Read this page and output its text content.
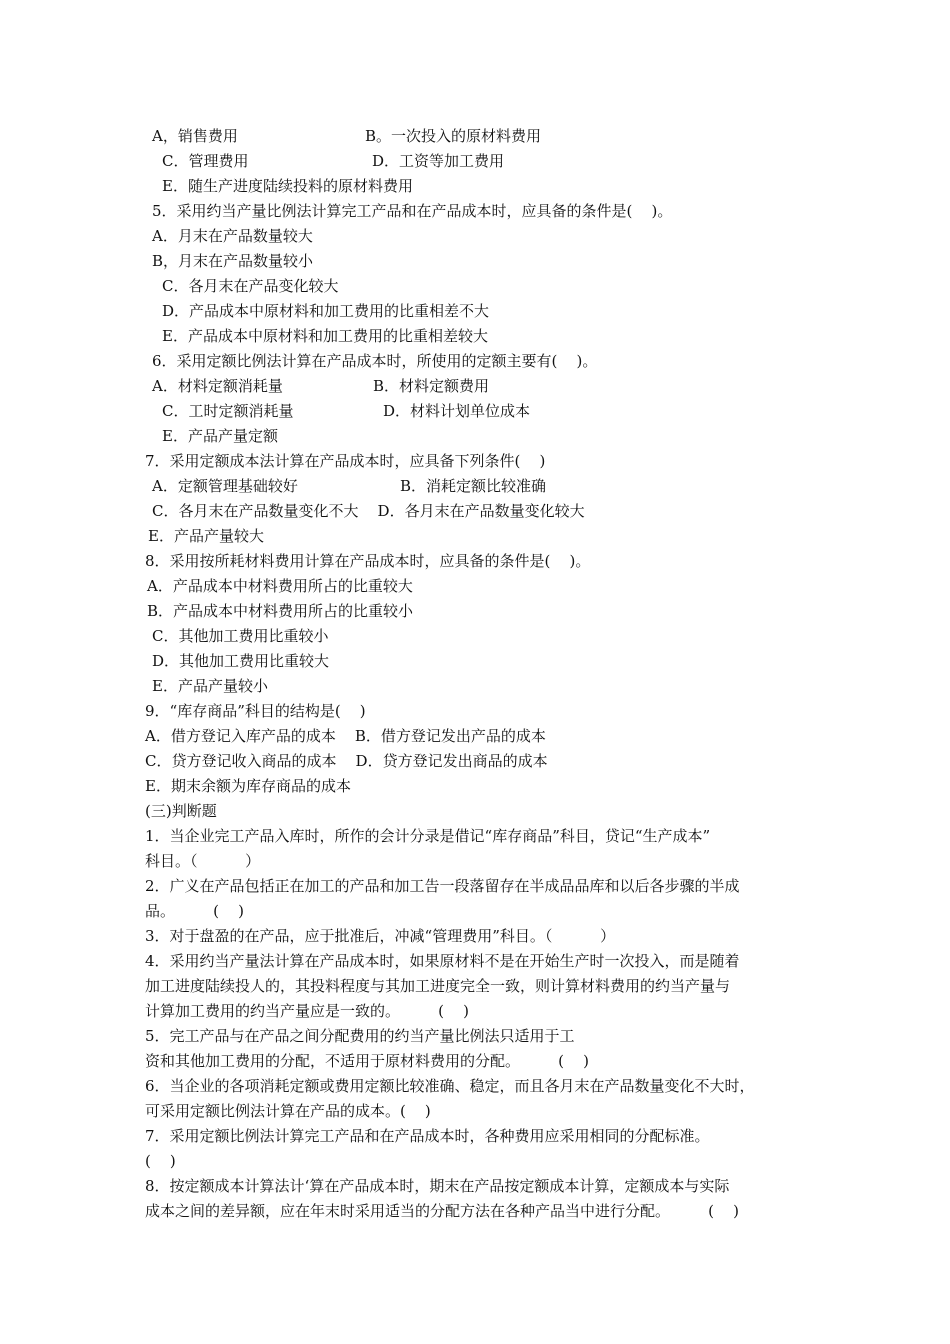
A，销售费用	B。一次投入的原材料费用
C．管理费用	D．工资等加工费用
E．随生产进度陆续投料的原材料费用
5．采用约当产量比例法计算完工产品和在产品成本时，应具备的条件是(    )。
A．月末在产品数量较大
B，月末在产品数量较小
C．各月末在产品变化较大
D．产品成本中原材料和加工费用的比重相差不大
E．产品成本中原材料和加工费用的比重相差较大
6．采用定额比例法计算在产品成本时，所使用的定额主要有(    )。
A．材料定额消耗量	B．材料定额费用
C．工时定额消耗量	D．材料计划单位成本
E．产品产量定额
7．采用定额成本法计算在产品成本时，应具备下列条件(    )
A．定额管理基础较好	B．消耗定额比较准确
C．各月末在产品数量变化不大    D．各月末在产品数量变化较大
E．产品产量较大
8．采用按所耗材料费用计算在产品成本时，应具备的条件是(    )。
A．产品成本中材料费用所占的比重较大
B．产品成本中材料费用所占的比重较小
C．其他加工费用比重较小
D．其他加工费用比重较大
E．产品产量较小
9．“库存商品”科目的结构是(    )
A．借方登记入库产品的成本    B．借方登记发出产品的成本
C．贷方登记收入商品的成本    D．贷方登记发出商品的成本
E．期末余额为库存商品的成本
(三)判断题
1．当企业完工产品入库时，所作的会计分录是借记“库存商品”科目，贷记“生产成本”
科目。（          ）
2．广义在产品包括正在加工的产品和加工告一段落留存在半成品品库和以后各步骤的半成
品。        (    )
3．对于盘盈的在产品，应于批准后，冲减“管理费用”科目。（          ）
4．采用约当产量法计算在产品成本时，如果原材料不是在开始生产时一次投入，而是随着
加工进度陆续投人的，其投料程度与其加工进度完全一致，则计算材料费用的约当产量与
计算加工费用的约当产量应是一致的。        (    )
5．完工产品与在产品之间分配费用的约当产量比例法只适用于工
资和其他加工费用的分配，不适用于原材料费用的分配。        (    )
6．当企业的各项消耗定额或费用定额比较准确、稳定，而且各月末在产品数量变化不大时，
可采用定额比例法计算在产品的成本。(    )
7．采用定额比例法计算完工产品和在产品成本时，各种费用应采用相同的分配标准。
(    )
8．按定额成本计算法计‘算在产品成本时，期末在产品按定额成本计算，定额成本与实际
成本之间的差异额，应在年末时采用适当的分配方法在各种产品当中进行分配。        (    )
